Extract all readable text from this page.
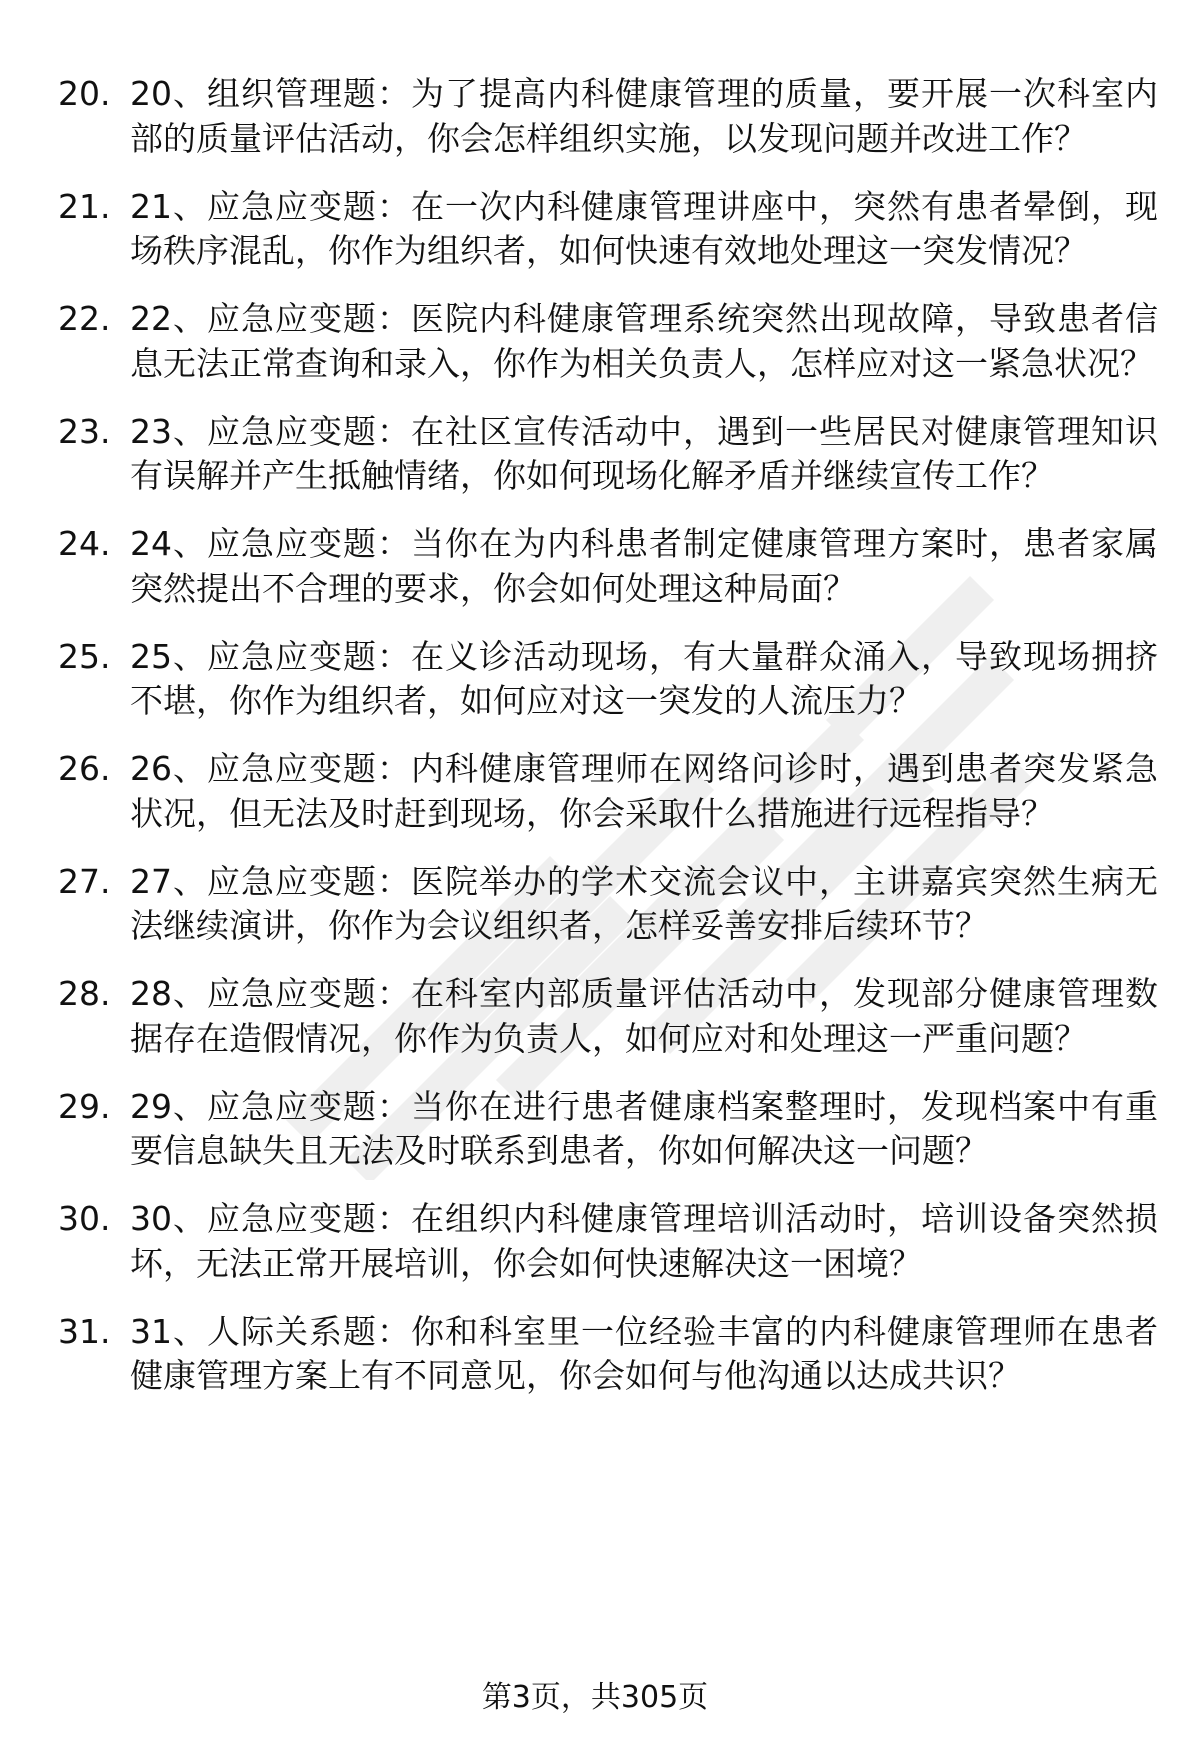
20. 20、组织管理题：为了提高内科健康管理的质量，要开展一次科室内部的质量评估活动，你会怎样组织实施，以发现问题并改进工作？
21. 21、应急应变题：在一次内科健康管理讲座中，突然有患者晕倒，现场秩序混乱，你作为组织者，如何快速有效地处理这一突发情况？
22. 22、应急应变题：医院内科健康管理系统突然出现故障，导致患者信息无法正常查询和录入，你作为相关负责人，怎样应对这一紧急状况？
23. 23、应急应变题：在社区宣传活动中，遇到一些居民对健康管理知识有误解并产生抵触情绪，你如何现场化解矛盾并继续宣传工作？
24. 24、应急应变题：当你在为内科患者制定健康管理方案时，患者家属突然提出不合理的要求，你会如何处理这种局面？
25. 25、应急应变题：在义诊活动现场，有大量群众涌入，导致现场拥挤不堪，你作为组织者，如何应对这一突发的人流压力？
26. 26、应急应变题：内科健康管理师在网络问诊时，遇到患者突发紧急状况，但无法及时赶到现场，你会采取什么措施进行远程指导？
27. 27、应急应变题：医院举办的学术交流会议中，主讲嘉宾突然生病无法继续演讲，你作为会议组织者，怎样妥善安排后续环节？
28. 28、应急应变题：在科室内部质量评估活动中，发现部分健康管理数据存在造假情况，你作为负责人，如何应对和处理这一严重问题？
29. 29、应急应变题：当你在进行患者健康档案整理时，发现档案中有重要信息缺失且无法及时联系到患者，你如何解决这一问题？
30. 30、应急应变题：在组织内科健康管理培训活动时，培训设备突然损坏，无法正常开展培训，你会如何快速解决这一困境？
31. 31、人际关系题：你和科室里一位经验丰富的内科健康管理师在患者健康管理方案上有不同意见，你会如何与他沟通以达成共识？
第3页，共305页
